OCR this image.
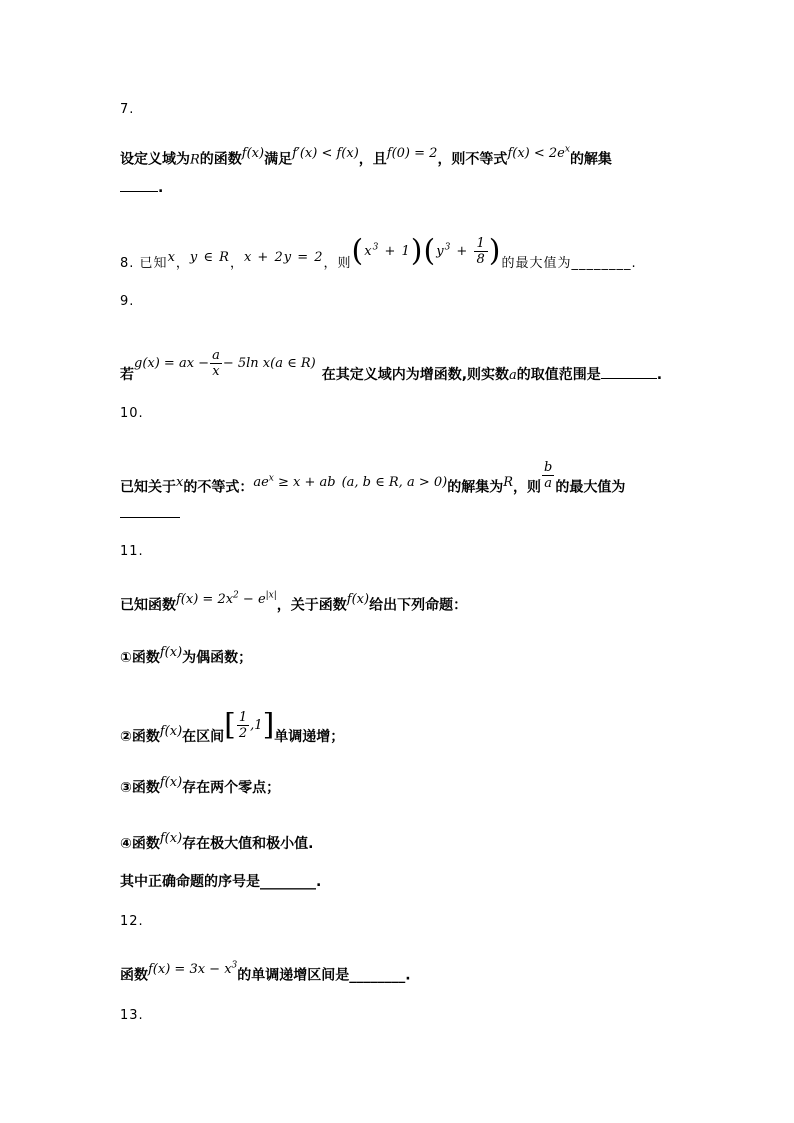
7.
设定义域为R的函数f(x)满足f′(x) < f(x)，且f(0) = 2，则不等式$f(x) < 2e^x$的解集
.
8. 已知x，y ∈ R，x + 2y = 2，则$(x^3 + 1)(y^3 + \frac{1}{8}$ )的最大值为________.
9.
若g(x) = ax − $\frac{a}{x} - 5\ln$ x(a ∈ R)在其定义域内为增函数,则实数a的取值范围是	.
10.
已知关于x的不等式：$ae^x \ge x$ + ab (a, b ∈ R, a > 0)的解集为R，则 $\frac{b}{a}$ 的最大值为
11.
已知函数$f(x) = 2x^2 - e^{|x|}$，关于函数f(x)给出下列命题：
①函数f(x)为偶函数；
②函数f(x)在区间[ $\frac{1}{2} ,1$]单调递增；
③函数f(x)存在两个零点；
④函数f(x)存在极大值和极小值.
其中正确命题的序号是________.
12.
函数$f(x) = 3x - x^3$的单调递增区间是________.
13.
